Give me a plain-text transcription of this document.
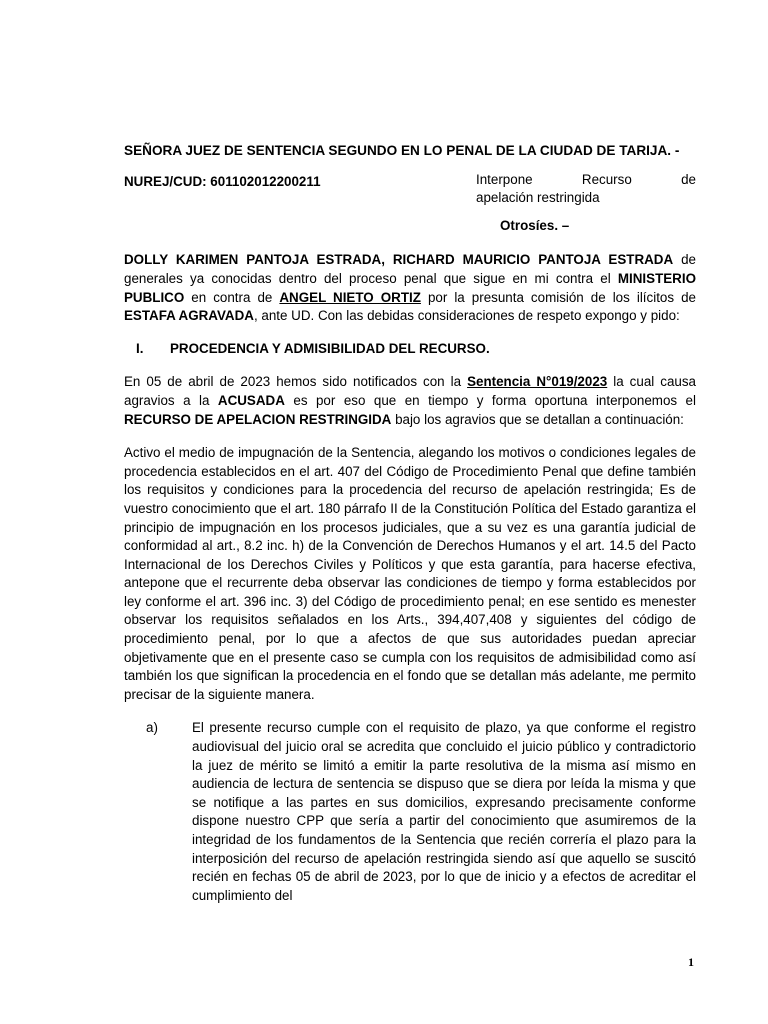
SEÑORA JUEZ DE SENTENCIA SEGUNDO EN LO PENAL DE LA CIUDAD DE TARIJA. -

NUREJ/CUD: 601102012200211	Interpone	Recurso	de
apelación restringida

Otrosíes. –

DOLLY KARIMEN PANTOJA ESTRADA, RICHARD MAURICIO PANTOJA ESTRADA de generales ya conocidas dentro del proceso penal que sigue en mi contra el MINISTERIO PUBLICO en contra de ANGEL NIETO ORTIZ por la presunta comisión de los ilícitos de ESTAFA AGRAVADA, ante UD. Con las debidas consideraciones de respeto expongo y pido:

I.	PROCEDENCIA Y ADMISIBILIDAD DEL RECURSO.

En 05 de abril de 2023 hemos sido notificados con la Sentencia N°019/2023 la cual causa agravios a la ACUSADA es por eso que en tiempo y forma oportuna interponemos el RECURSO DE APELACION RESTRINGIDA bajo los agravios que se detallan a continuación:

Activo el medio de impugnación de la Sentencia, alegando los motivos o condiciones legales de procedencia establecidos en el art. 407 del Código de Procedimiento Penal que define también los requisitos y condiciones para la procedencia del recurso de apelación restringida; Es de vuestro conocimiento que el art. 180 párrafo II de la Constitución Política del Estado garantiza el principio de impugnación en los procesos judiciales, que a su vez es una garantía judicial de conformidad al art., 8.2 inc. h) de la Convención de Derechos Humanos y el art. 14.5 del Pacto Internacional de los Derechos Civiles y Políticos y que esta garantía, para hacerse efectiva, antepone que el recurrente deba observar las condiciones de tiempo y forma establecidos por ley conforme el art. 396 inc. 3) del Código de procedimiento penal; en ese sentido es menester observar los requisitos señalados en los Arts., 394,407,408 y siguientes del código de procedimiento penal, por lo que a afectos de que sus autoridades puedan apreciar objetivamente que en el presente caso se cumpla con los requisitos de admisibilidad como así también los que significan la procedencia en el fondo que se detallan más adelante, me permito precisar de la siguiente manera.

a)	El presente recurso cumple con el requisito de plazo, ya que conforme el registro audiovisual del juicio oral se acredita que concluido el juicio público y contradictorio la juez de mérito se limitó a emitir la parte resolutiva de la misma así mismo en audiencia de lectura de sentencia se dispuso que se diera por leída la misma y que se notifique a las partes en sus domicilios, expresando precisamente conforme dispone nuestro CPP que sería a partir del conocimiento que asumiremos de la integridad de los fundamentos de la Sentencia que recién correría el plazo para la interposición del recurso de apelación restringida siendo así que aquello se suscitó recién en fechas 05 de abril de 2023, por lo que de inicio y a efectos de acreditar el cumplimiento del
1
